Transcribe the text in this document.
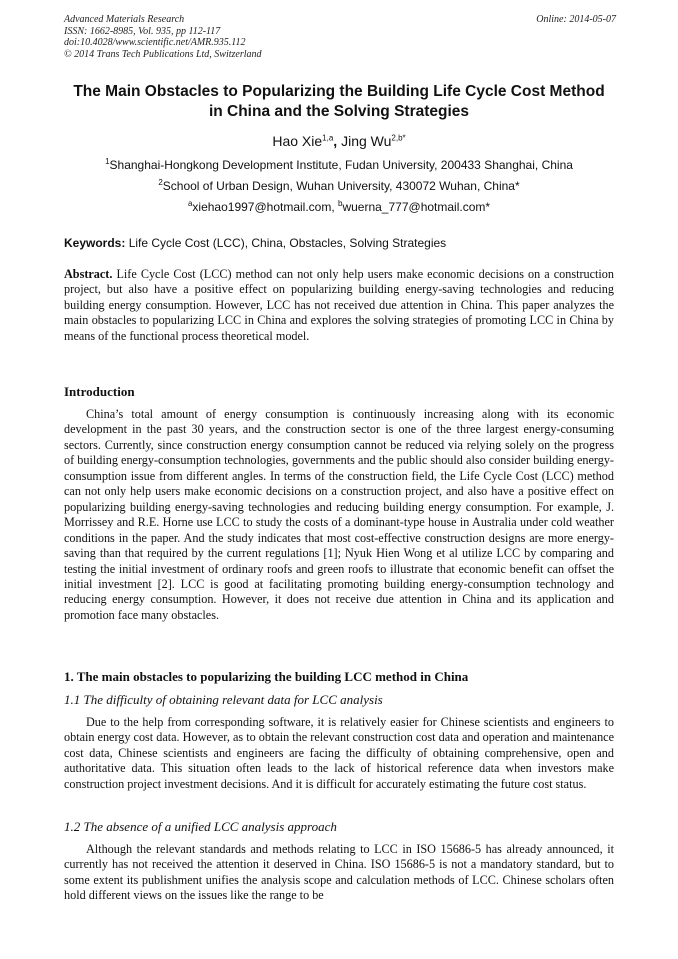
Advanced Materials Research
ISSN: 1662-8985, Vol. 935, pp 112-117
doi:10.4028/www.scientific.net/AMR.935.112
© 2014 Trans Tech Publications Ltd, Switzerland
Online: 2014-05-07
The Main Obstacles to Popularizing the Building Life Cycle Cost Method
in China and the Solving Strategies
Hao Xie$^{1,a}$, Jing $Wu^{2,b*}$
$^1$Shanghai-Hongkong Development Institute, Fudan University, 200433 Shanghai, China
$^2$School of Urban Design, Wuhan University, 430072 Wuhan, China*
$^a$xiehao1997@hotmail.com, $^b$wuerna_777@hotmail.com*
Keywords: Life Cycle Cost (LCC), China, Obstacles, Solving Strategies

Abstract. Life Cycle Cost (LCC) method can not only help users make economic decisions on a construction project, but also have a positive effect on popularizing building energy-saving technologies and reducing building energy consumption. However, LCC has not received due attention in China. This paper analyzes the main obstacles to popularizing LCC in China and explores the solving strategies of promoting LCC in China by means of the functional process theoretical model.

Introduction

China’s total amount of energy consumption is continuously increasing along with its economic development in the past 30 years, and the construction sector is one of the three largest energy-consuming sectors. Currently, since construction energy consumption cannot be reduced via relying solely on the progress of building energy-consumption technologies, governments and the public should also consider building energy-consumption issue from different angles. In terms of the construction field, the Life Cycle Cost (LCC) method can not only help users make economic decisions on a construction project, and also have a positive effect on popularizing building energy-saving technologies and reducing building energy consumption. For example, J. Morrissey and R.E. Horne use LCC to study the costs of a dominant-type house in Australia under cold weather conditions in the paper. And the study indicates that most cost-effective construction designs are more energy-saving than that required by the current regulations [1]; Nyuk Hien Wong et al utilize LCC by comparing and testing the initial investment of ordinary roofs and green roofs to illustrate that economic benefit can offset the initial investment [2]. LCC is good at facilitating promoting building energy-consumption technology and reducing energy consumption. However, it does not receive due attention in China and its application and promotion face many obstacles.

1. The main obstacles to popularizing the building LCC method in China
1.1 The difficulty of obtaining relevant data for LCC analysis

Due to the help from corresponding software, it is relatively easier for Chinese scientists and engineers to obtain energy cost data. However, as to obtain the relevant construction cost data and operation and maintenance cost data, Chinese scientists and engineers are facing the difficulty of obtaining comprehensive, open and authoritative data. This situation often leads to the lack of historical reference data when investors make construction project investment decisions. And it is difficult for accurately estimating the future cost status.

1.2 The absence of a unified LCC analysis approach

Although the relevant standards and methods relating to LCC in ISO 15686-5 has already announced, it currently has not received the attention it deserved in China. ISO 15686-5 is not a mandatory standard, but to some extent its publishment unifies the analysis scope and calculation methods of LCC. Chinese scholars often hold different views on the issues like the range to be
